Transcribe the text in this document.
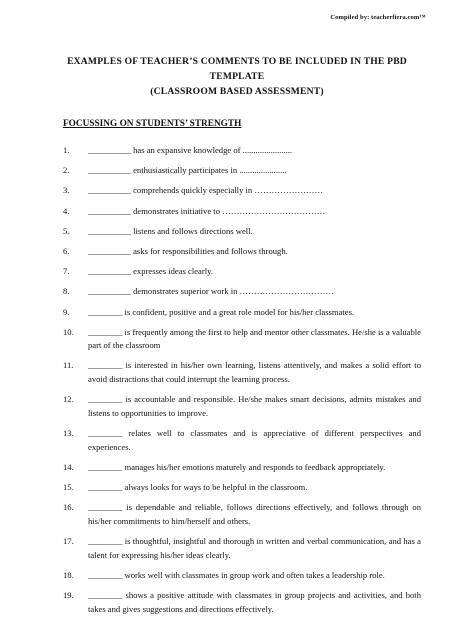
Compiled by: teacherfiera.com™
EXAMPLES OF TEACHER’S COMMENTS TO BE INCLUDED IN THE PBD
TEMPLATE
(CLASSROOM BASED ASSESSMENT)
FOCUSSING ON STUDENTS’ STRENGTH
1.	__________ has an expansive knowledge of .......................
2.	__________ enthusiastically participates in ......................
3.	__________ comprehends quickly especially in ……………………
4.	__________ demonstrates initiative to ………………………………
5.	__________ listens and follows directions well.
6.	__________ asks for responsibilities and follows through.
7.	__________ expresses ideas clearly.
8.	__________ demonstrates superior work in ……………………………
9.	________ is confident, positive and a great role model for his/her classmates.
10.	________ is frequently among the first to help and mentor other classmates. He/she is a valuable part of the classroom
11.	________ is interested in his/her own learning, listens attentively, and makes a solid effort to avoid distractions that could interrupt the learning process.
12.	________ is accountable and responsible. He/she makes smart decisions, admits mistakes and listens to opportunities to improve.
13.	________ relates well to classmates and is appreciative of different perspectives and experiences.
14.	________ manages his/her emotions maturely and responds to feedback appropriately.
15.	________ always looks for ways to be helpful in the classroom.
16.	________ is dependable and reliable, follows directions effectively, and follows through on his/her commitments to him/herself and others.
17.	________ is thoughtful, insightful and thorough in written and verbal communication, and has a talent for expressing his/her ideas clearly.
18.	________ works well with classmates in group work and often takes a leadership role.
19.	________ shows a positive attitude with classmates in group projects and activities, and both takes and gives suggestions and directions effectively.
